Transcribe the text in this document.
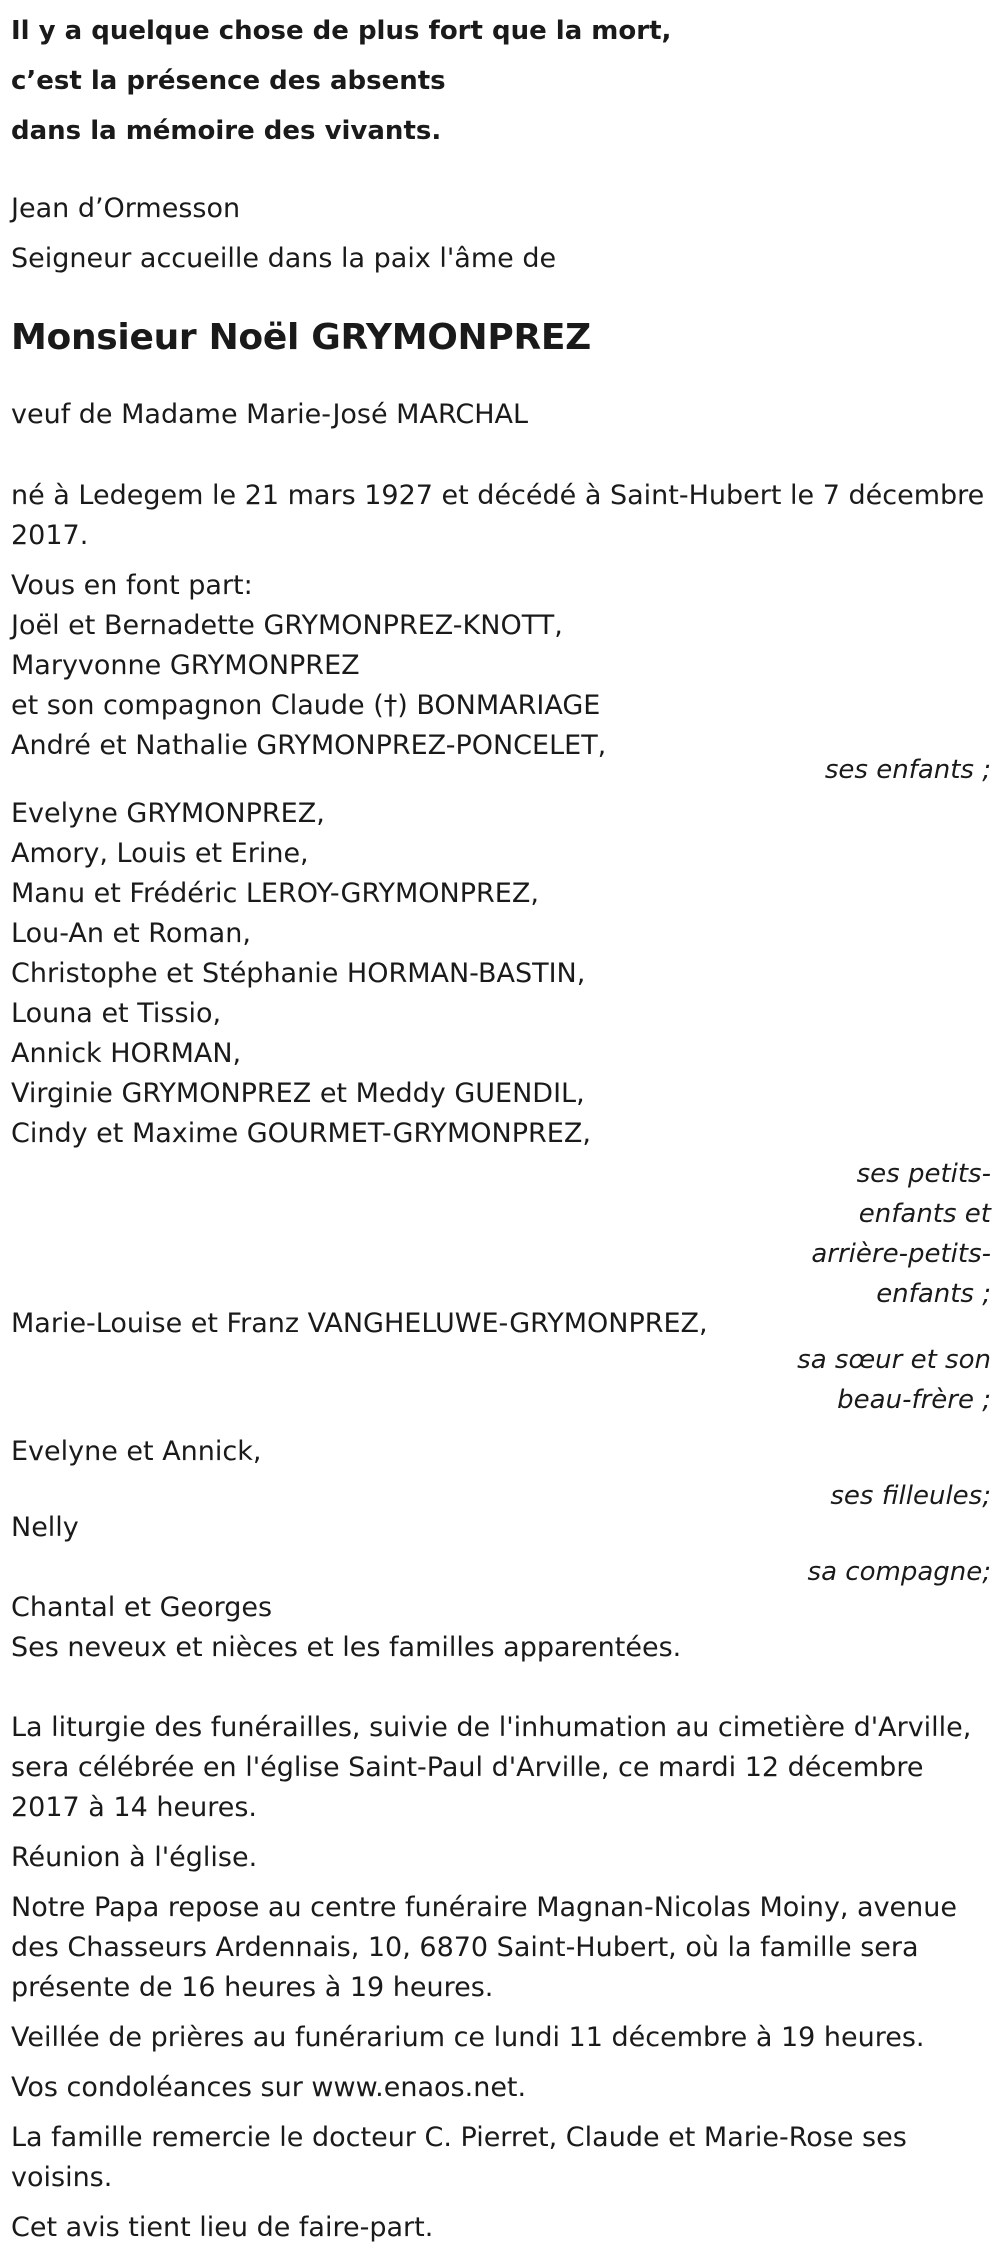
Il y a quelque chose de plus fort que la mort,
c’est la présence des absents
dans la mémoire des vivants.
Jean d’Ormesson
Seigneur accueille dans la paix l'âme de
Monsieur Noël GRYMONPREZ
veuf de Madame Marie-José MARCHAL
né à Ledegem le 21 mars 1927 et décédé à Saint-Hubert le 7 décembre 2017.
Vous en font part:
Joël et Bernadette GRYMONPREZ-KNOTT,
Maryvonne GRYMONPREZ
et son compagnon Claude (†) BONMARIAGE
André et Nathalie GRYMONPREZ-PONCELET,
ses enfants ;
Evelyne GRYMONPREZ,
Amory, Louis et Erine,
Manu et Frédéric LEROY-GRYMONPREZ,
Lou-An et Roman,
Christophe et Stéphanie HORMAN-BASTIN,
Louna et Tissio,
Annick HORMAN,
Virginie GRYMONPREZ et Meddy GUENDIL,
Cindy et Maxime GOURMET-GRYMONPREZ,
ses petits-enfants et arrière-petits-enfants ;
Marie-Louise et Franz VANGHELUWE-GRYMONPREZ,
sa sœur et son beau-frère ;
Evelyne et Annick,
ses filleules;
Nelly
sa compagne;
Chantal et Georges
Ses neveux et nièces et les familles apparentées.
La liturgie des funérailles, suivie de l'inhumation au cimetière d'Arville, sera célébrée en l'église Saint-Paul d'Arville, ce mardi 12 décembre 2017 à 14 heures.
Réunion à l'église.
Notre Papa repose au centre funéraire Magnan-Nicolas Moiny, avenue des Chasseurs Ardennais, 10, 6870 Saint-Hubert, où la famille sera présente de 16 heures à 19 heures.
Veillée de prières au funérarium ce lundi 11 décembre à 19 heures.
Vos condoléances sur www.enaos.net.
La famille remercie le docteur C. Pierret, Claude et Marie-Rose ses voisins.
Cet avis tient lieu de faire-part.
